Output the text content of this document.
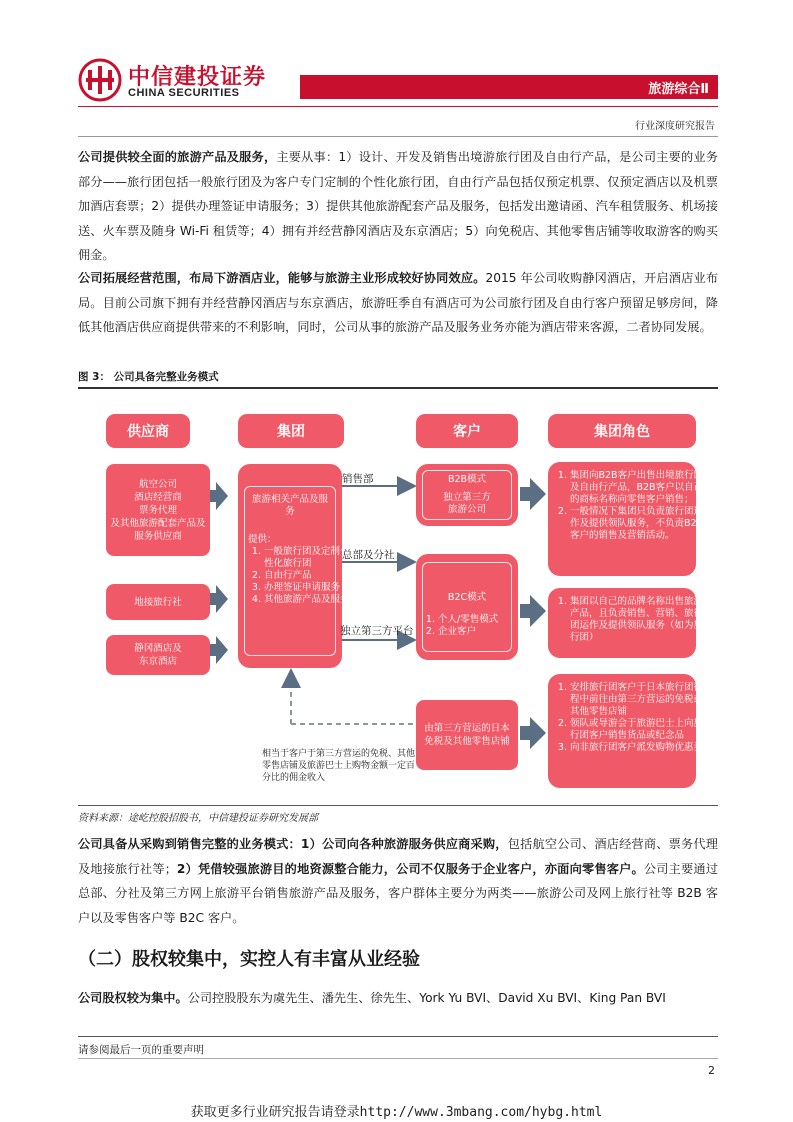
中信建投证券
CHINA SECURITIES	旅游综合Ⅱ
行业深度研究报告
公司提供较全面的旅游产品及服务，主要从事：1）设计、开发及销售出境游旅行团及自由行产品，是公司主要的业务部分——旅行团包括一般旅行团及为客户专门定制的个性化旅行团，自由行产品包括仅预定机票、仅预定酒店以及机票加酒店套票；2）提供办理签证申请服务；3）提供其他旅游配套产品及服务，包括发出邀请函、汽车租赁服务、机场接送、火车票及随身 Wi-Fi 租赁等；4）拥有并经营静冈酒店及东京酒店；5）向免税店、其他零售店铺等收取游客的购买佣金。
公司拓展经营范围，布局下游酒店业，能够与旅游主业形成较好协同效应。2015 年公司收购静冈酒店，开启酒店业布局。目前公司旗下拥有并经营静冈酒店与东京酒店，旅游旺季自有酒店可为公司旅行团及自由行客户预留足够房间，降低其他酒店供应商提供带来的不利影响，同时，公司从事的旅游产品及服务业务亦能为酒店带来客源，二者协同发展。
图 3： 公司具备完整业务模式
供应商	集团	客户	集团角色
航空公司
酒店经营商
票务代理
及其他旅游配套产品及服务供应商
地接旅行社
静冈酒店及
东京酒店
旅游相关产品及服务
提供：
1. 一般旅行团及定制个性化旅行团
2. 自由行产品
3. 办理签证申请服务
4. 其他旅游产品及服务
销售部
总部及分社
独立第三方平台
B2B模式
独立第三方
旅游公司
B2C模式
1. 个人/零售模式
2. 企业客户
由第三方营运的日本免税及其他零售店铺
相当于客户于第三方营运的免税、其他零售店铺及旅游巴士上购物金额一定百分比的佣金收入
1. 集团向B2B客户出售出境旅行团及自由行产品，B2B客户以自己的商标名称向零售客户销售；
2. 一般情况下集团只负责旅行团运作及提供领队服务，不负责B2B客户的销售及营销活动。
1. 集团以自己的品牌名称出售旅游产品，且负责销售、营销、旅行团运作及提供领队服务（如为旅行团）
1. 安排旅行团客户于日本旅行团行程中前往由第三方营运的免税或其他零售店铺
2. 领队或导游会于旅游巴士上向旅行团客户销售货品或纪念品
3. 向非旅行团客户派发购物优惠券
资料来源：途屹控股招股书，中信建投证券研究发展部
公司具备从采购到销售完整的业务模式：1）公司向各种旅游服务供应商采购，包括航空公司、酒店经营商、票务代理及地接旅行社等；2）凭借较强旅游目的地资源整合能力，公司不仅服务于企业客户，亦面向零售客户。公司主要通过总部、分社及第三方网上旅游平台销售旅游产品及服务，客户群体主要分为两类——旅游公司及网上旅行社等 B2B 客户以及零售客户等 B2C 客户。
（二）股权较集中，实控人有丰富从业经验
公司股权较为集中。公司控股股东为虞先生、潘先生、徐先生、York Yu BVI、David Xu BVI、King Pan BVI
请参阅最后一页的重要声明
2
获取更多行业研究报告请登录http://www.3mbang.com/hybg.html
